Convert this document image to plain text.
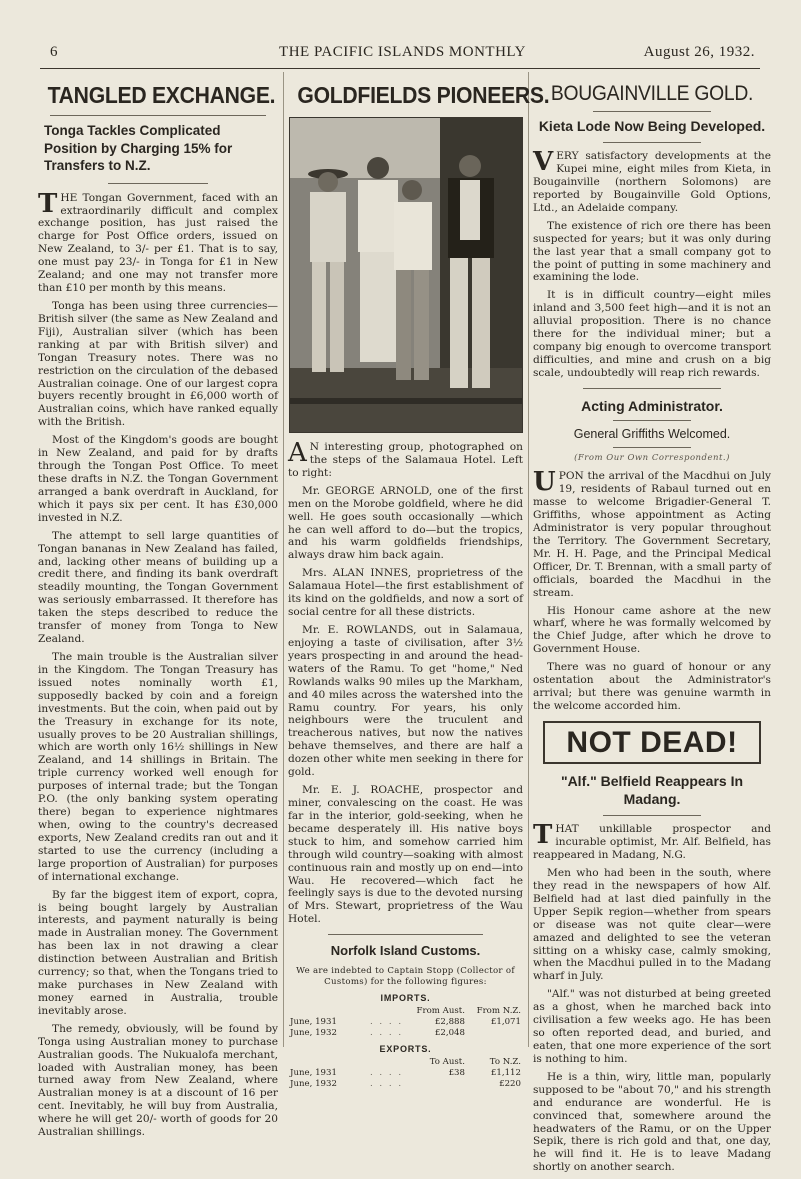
6	THE PACIFIC ISLANDS MONTHLY	August 26, 1932.
TANGLED EXCHANGE.
Tonga Tackles Complicated Position by Charging 15% for Transfers to N.Z.

THE Tongan Government, faced with an extraordinarily difficult and complex exchange position, has just raised the charge for Post Office orders, issued on New Zealand, to 3/- per £1. That is to say, one must pay 23/- in Tonga for £1 in New Zealand; and one may not transfer more than £10 per month by this means.

Tonga has been using three currencies—British silver (the same as New Zealand and Fiji), Australian silver (which has been ranking at par with British silver) and Tongan Treasury notes. There was no restriction on the circulation of the debased Australian coinage. One of our largest copra buyers recently brought in £6,000 worth of Australian coins, which have ranked equally with the British.

Most of the Kingdom's goods are bought in New Zealand, and paid for by drafts through the Tongan Post Office. To meet these drafts in N.Z. the Tongan Government arranged a bank overdraft in Auckland, for which it pays six per cent. It has £30,000 invested in N.Z.

The attempt to sell large quantities of Tongan bananas in New Zealand has failed, and, lacking other means of building up a credit there, and finding its bank overdraft steadily mounting, the Tongan Government was seriously embarrassed. It therefore has taken the steps described to reduce the transfer of money from Tonga to New Zealand.

The main trouble is the Australian silver in the Kingdom. The Tongan Treasury has issued notes nominally worth £1, supposedly backed by coin and a foreign investments. But the coin, when paid out by the Treasury in exchange for its note, usually proves to be 20 Australian shillings, which are worth only 16½ shillings in New Zealand, and 14 shillings in Britain. The triple currency worked well enough for purposes of internal trade; but the Tongan P.O. (the only banking system operating there) began to experience nightmares when, owing to the country's decreased exports, New Zealand credits ran out and it started to use the currency (including a large proportion of Australian) for purposes of international exchange.

By far the biggest item of export, copra, is being bought largely by Australian interests, and payment naturally is being made in Australian money. The Government has been lax in not drawing a clear distinction between Australian and British currency; so that, when the Tongans tried to make purchases in New Zealand with money earned in Australia, trouble inevitably arose.

The remedy, obviously, will be found by Tonga using Australian money to purchase Australian goods. The Nukualofa merchant, loaded with Australian money, has been turned away from New Zealand, where Australian money is at a discount of 16 per cent. Inevitably, he will buy from Australia, where he will get 20/- worth of goods for 20 Australian shillings.

GOLDFIELDS PIONEERS.

AN interesting group, photographed on the steps of the Salamaua Hotel. Left to right:

Mr. GEORGE ARNOLD, one of the first men on the Morobe goldfield, where he did well. He goes south occasionally —which he can well afford to do—but the tropics, and his warm goldfields friendships, always draw him back again.

Mrs. ALAN INNES, proprietress of the Salamaua Hotel—the first establishment of its kind on the goldfields, and now a sort of social centre for all these districts.

Mr. E. ROWLANDS, out in Salamaua, enjoying a taste of civilisation, after 3½ years prospecting in and around the head-waters of the Ramu. To get "home," Ned Rowlands walks 90 miles up the Markham, and 40 miles across the watershed into the Ramu country. For years, his only neighbours were the truculent and treacherous natives, but now the natives behave themselves, and there are half a dozen other white men seeking in there for gold.

Mr. E. J. ROACHE, prospector and miner, convalescing on the coast. He was far in the interior, gold-seeking, when he became desperately ill. His native boys stuck to him, and somehow carried him through wild country—soaking with almost continuous rain and mostly up on end—into Wau. He recovered—which fact he feelingly says is due to the devoted nursing of Mrs. Stewart, proprietress of the Wau Hotel.

Norfolk Island Customs.

We are indebted to Captain Stopp (Collector of Customs) for the following figures:

IMPORTS.
		From Aust.	From N.Z.
June, 1931	. . . .	£2,888	£1,071
June, 1932	. . . .	£2,048	
EXPORTS.
		To Aust.	To N.Z.
June, 1931	. . . .	£38	£1,112
June, 1932	. . . .		£220
BOUGAINVILLE GOLD.
Kieta Lode Now Being Developed.

VERY satisfactory developments at the Kupei mine, eight miles from Kieta, in Bougainville (northern Solomons) are reported by Bougainville Gold Options, Ltd., an Adelaide company.

The existence of rich ore there has been suspected for years; but it was only during the last year that a small company got to the point of putting in some machinery and examining the lode.

It is in difficult country—eight miles inland and 3,500 feet high—and it is not an alluvial proposition. There is no chance there for the individual miner; but a company big enough to overcome transport difficulties, and mine and crush on a big scale, undoubtedly will reap rich rewards.

Acting Administrator.
General Griffiths Welcomed.
(From Our Own Correspondent.)

UPON the arrival of the Macdhui on July 19, residents of Rabaul turned out en masse to welcome Brigadier-General T. Griffiths, whose appointment as Acting Administrator is very popular throughout the Territory. The Government Secretary, Mr. H. H. Page, and the Principal Medical Officer, Dr. T. Brennan, with a small party of officials, boarded the Macdhui in the stream.

His Honour came ashore at the new wharf, where he was formally welcomed by the Chief Judge, after which he drove to Government House.

There was no guard of honour or any ostentation about the Administrator's arrival; but there was genuine warmth in the welcome accorded him.

NOT DEAD!
"Alf." Belfield Reappears In Madang.

THAT unkillable prospector and incurable optimist, Mr. Alf. Belfield, has reappeared in Madang, N.G.

Men who had been in the south, where they read in the newspapers of how Alf. Belfield had at last died painfully in the Upper Sepik region—whether from spears or disease was not quite clear—were amazed and delighted to see the veteran sitting on a whisky case, calmly smoking, when the Macdhui pulled in to the Madang wharf in July.

"Alf." was not disturbed at being greeted as a ghost, when he marched back into civilisation a few weeks ago. He has been so often reported dead, and buried, and eaten, that one more experience of the sort is nothing to him.

He is a thin, wiry, little man, popularly supposed to be "about 70," and his strength and endurance are wonderful. He is convinced that, somewhere around the headwaters of the Ramu, or on the Upper Sepik, there is rich gold and that, one day, he will find it. He is to leave Madang shortly on another search.
